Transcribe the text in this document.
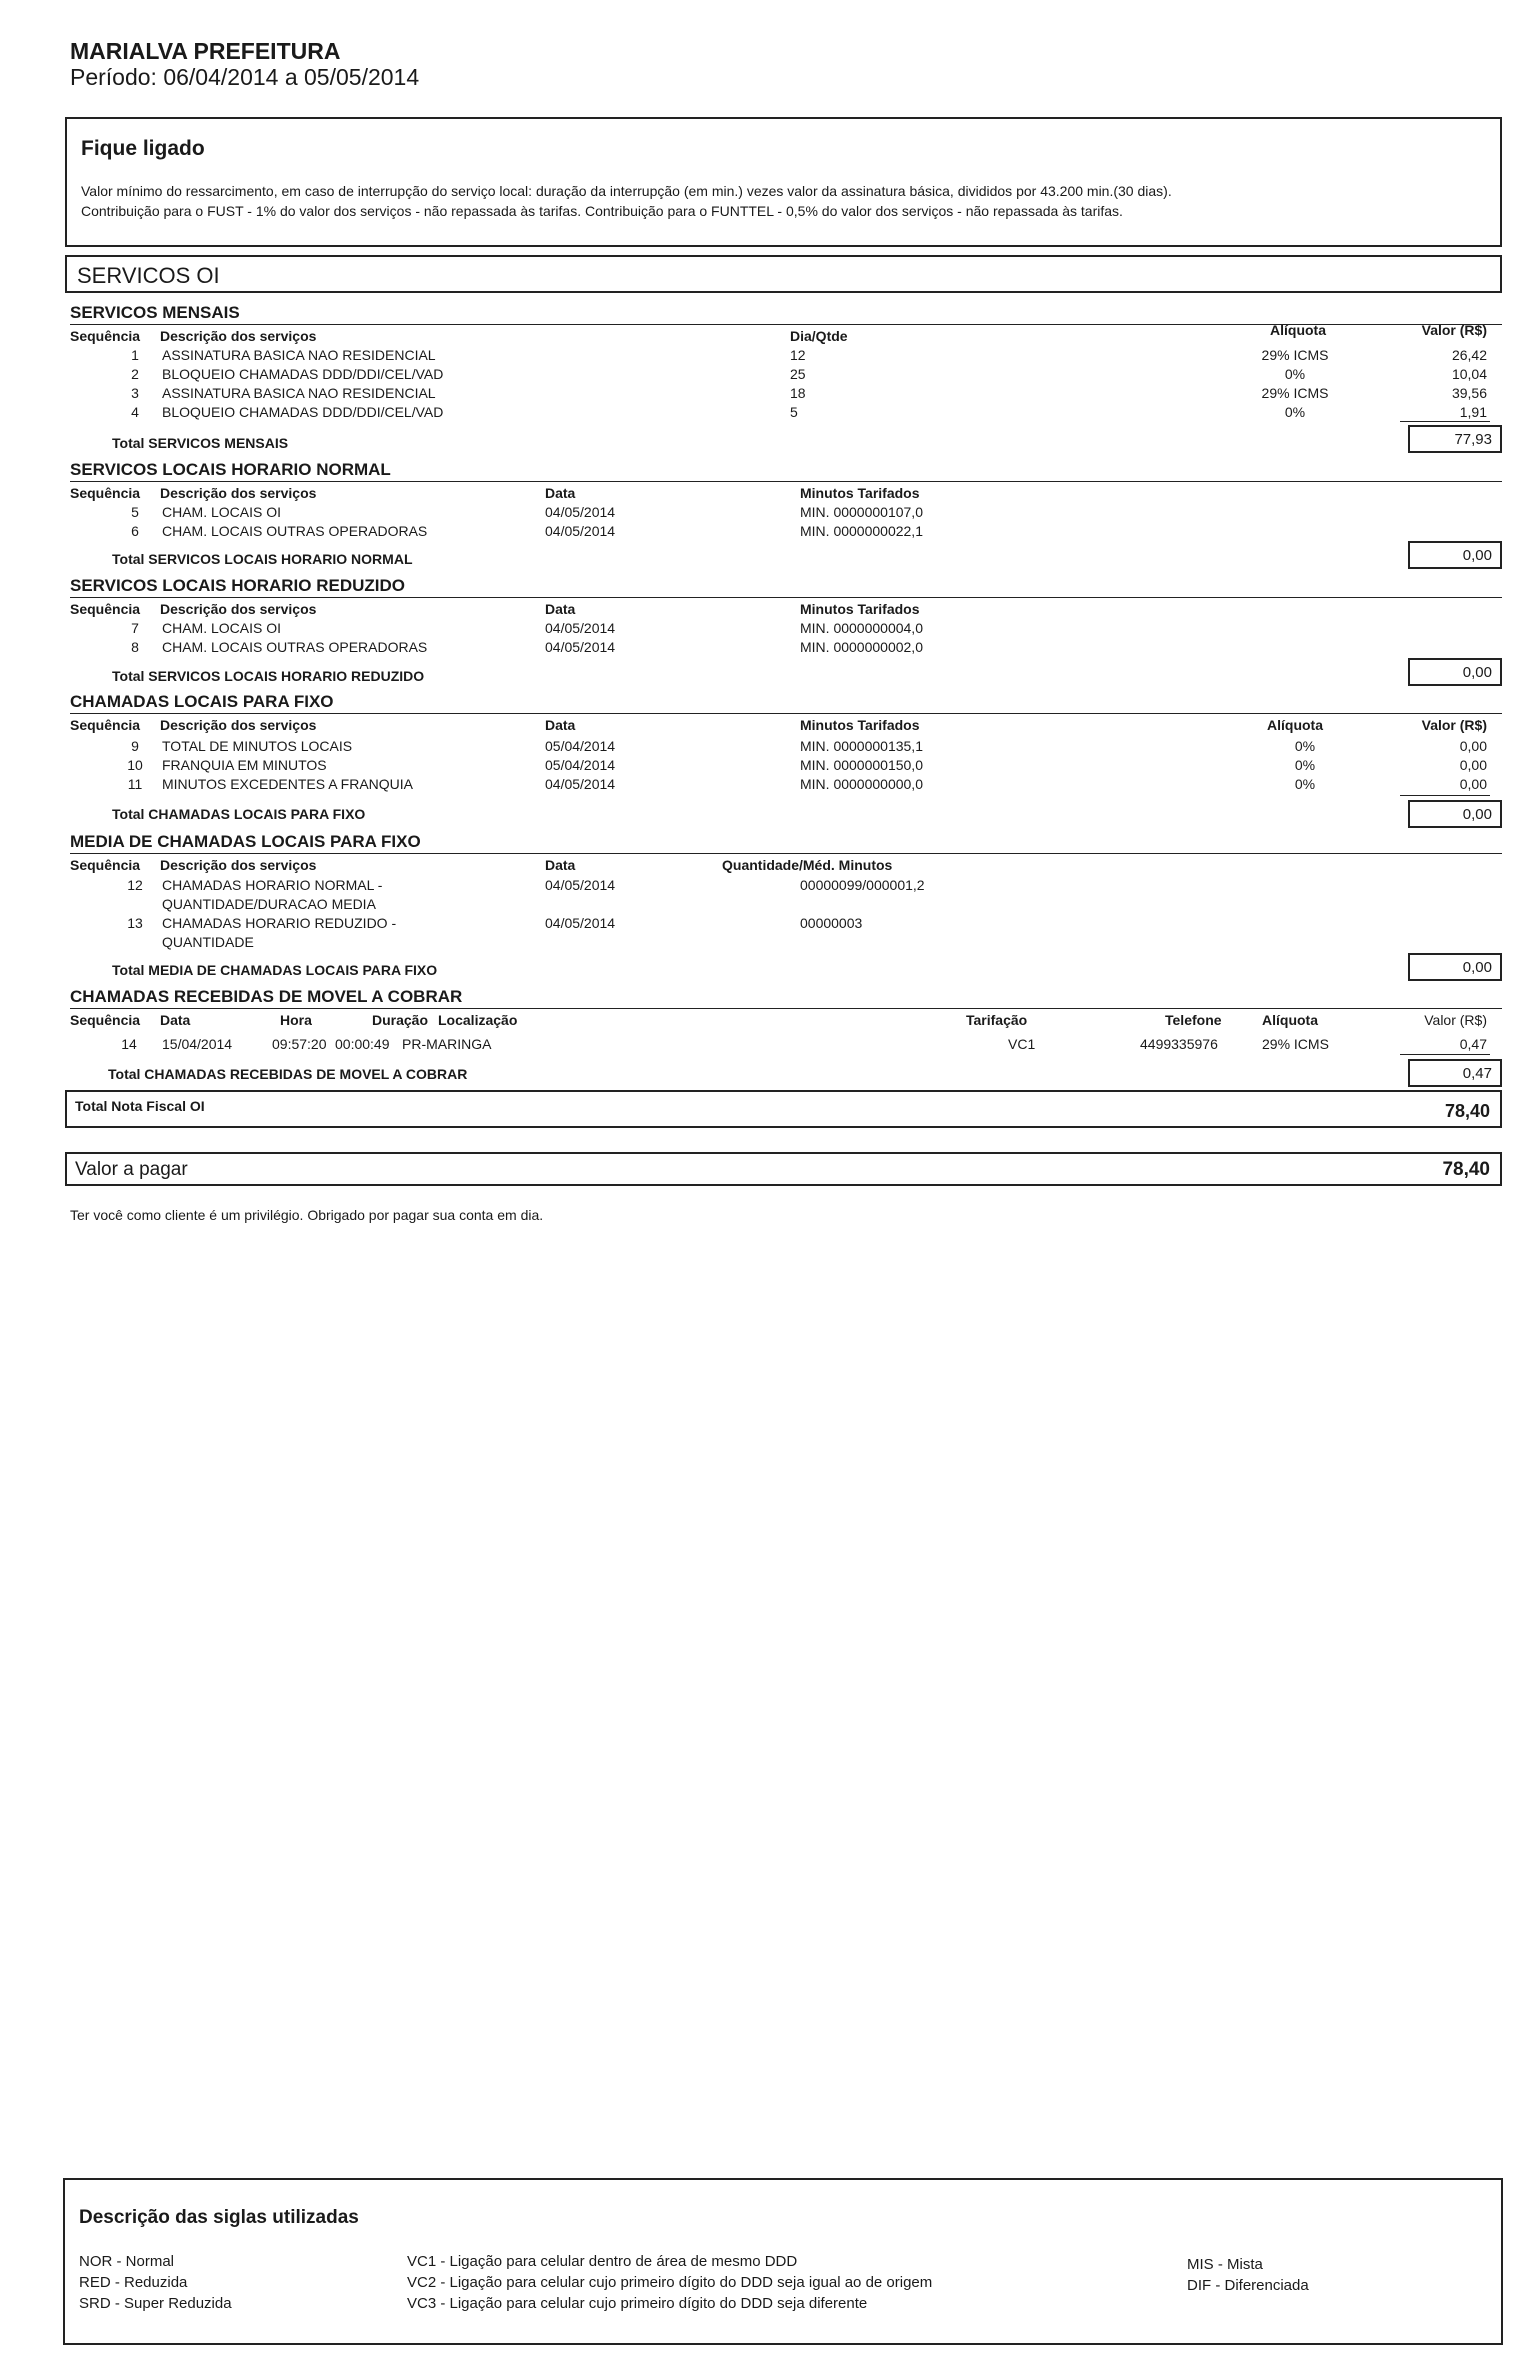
MARIALVA PREFEITURA
Período: 06/04/2014 a 05/05/2014
Fique ligado
Valor mínimo do ressarcimento, em caso de interrupção do serviço local: duração da interrupção (em min.) vezes valor da assinatura básica, divididos por 43.200 min.(30 dias).
Contribuição para o FUST - 1% do valor dos serviços - não repassada às tarifas. Contribuição para o FUNTTEL - 0,5% do valor dos serviços - não repassada às tarifas.
SERVICOS OI
SERVICOS MENSAIS
Sequência Descrição dos serviços	Dia/Qtde	Alíquota	Valor (R$)
1	ASSINATURA BASICA NAO RESIDENCIAL	12	29% ICMS	26,42
2	BLOQUEIO CHAMADAS DDD/DDI/CEL/VAD	25	0%	10,04
3	ASSINATURA BASICA NAO RESIDENCIAL	18	29% ICMS	39,56
4	BLOQUEIO CHAMADAS DDD/DDI/CEL/VAD	5	0%	1,91
Total SERVICOS MENSAIS	77,93
SERVICOS LOCAIS HORARIO NORMAL
Sequência Descrição dos serviços	Data	Minutos Tarifados
5	CHAM. LOCAIS OI	04/05/2014	MIN. 0000000107,0
6	CHAM. LOCAIS OUTRAS OPERADORAS	04/05/2014	MIN. 0000000022,1
Total SERVICOS LOCAIS HORARIO NORMAL	0,00
SERVICOS LOCAIS HORARIO REDUZIDO
Sequência Descrição dos serviços	Data	Minutos Tarifados
7	CHAM. LOCAIS OI	04/05/2014	MIN. 0000000004,0
8	CHAM. LOCAIS OUTRAS OPERADORAS	04/05/2014	MIN. 0000000002,0
Total SERVICOS LOCAIS HORARIO REDUZIDO	0,00
CHAMADAS LOCAIS PARA FIXO
Sequência Descrição dos serviços	Data	Minutos Tarifados	Alíquota	Valor (R$)
9	TOTAL DE MINUTOS LOCAIS	05/04/2014	MIN. 0000000135,1	0%	0,00
10	FRANQUIA EM MINUTOS	05/04/2014	MIN. 0000000150,0	0%	0,00
11	MINUTOS EXCEDENTES A FRANQUIA	04/05/2014	MIN. 0000000000,0	0%	0,00
Total CHAMADAS LOCAIS PARA FIXO	0,00
MEDIA DE CHAMADAS LOCAIS PARA FIXO
Sequência Descrição dos serviços	Data	Quantidade/Méd. Minutos
12	CHAMADAS HORARIO NORMAL -
QUANTIDADE/DURACAO MEDIA
04/05/2014	00000099/000001,2
13	CHAMADAS HORARIO REDUZIDO -
QUANTIDADE
04/05/2014	00000003
Total MEDIA DE CHAMADAS LOCAIS PARA FIXO	0,00
CHAMADAS RECEBIDAS DE MOVEL A COBRAR
Sequência Data	Hora	Duração Localização	Tarifação	Telefone	Alíquota	Valor (R$)
14	15/04/2014	09:57:20 00:00:49 PR-MARINGA	VC1	4499335976	29% ICMS	0,47
Total CHAMADAS RECEBIDAS DE MOVEL A COBRAR	0,47
Total Nota Fiscal OI	78,40
Valor a pagar	78,40
Ter você como cliente é um privilégio. Obrigado por pagar sua conta em dia.
Descrição das siglas utilizadas
NOR - Normal
RED - Reduzida
SRD - Super Reduzida
VC1 - Ligação para celular dentro de área de mesmo DDD
VC2 - Ligação para celular cujo primeiro dígito do DDD seja igual ao de origem
VC3 - Ligação para celular cujo primeiro dígito do DDD seja diferente
MIS - Mista
DIF - Diferenciada
